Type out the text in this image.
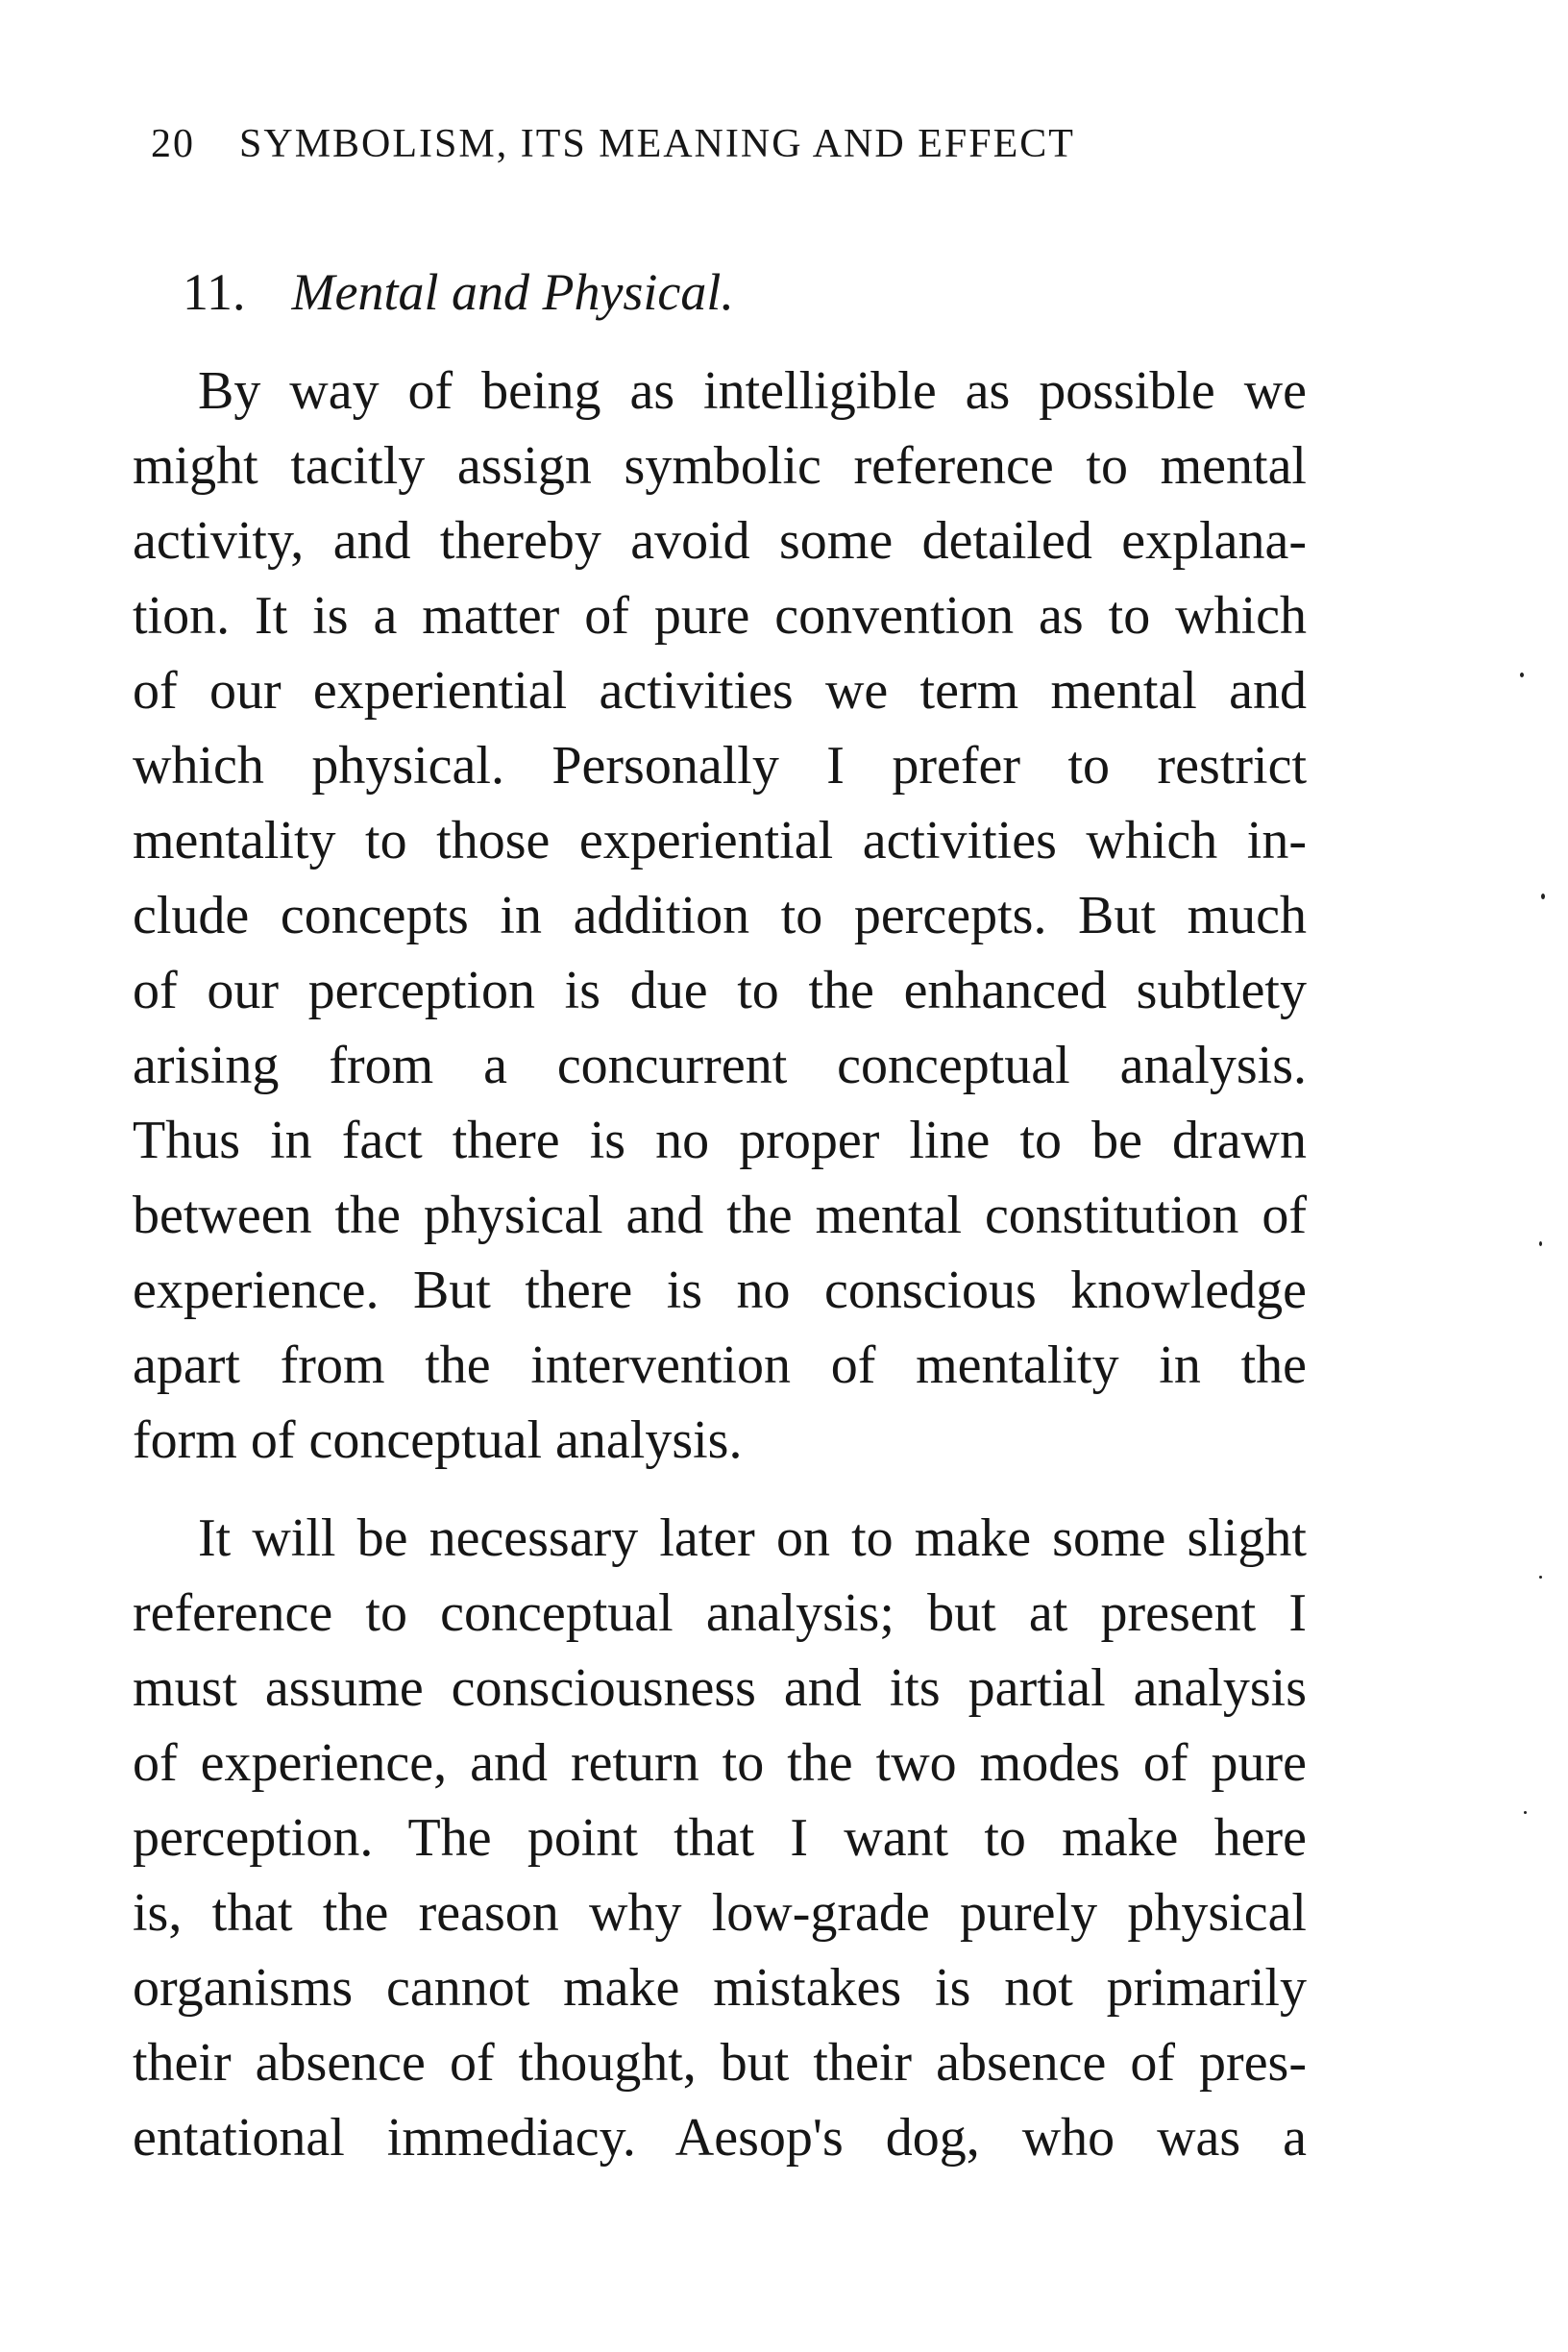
20 SYMBOLISM, ITS MEANING AND EFFECT
11. Mental and Physical.
By way of being as intelligible as possible we
might tacitly assign symbolic reference to mental
activity, and thereby avoid some detailed explana-
tion. It is a matter of pure convention as to which
of our experiential activities we term mental and
which physical. Personally I prefer to restrict
mentality to those experiential activities which in-
clude concepts in addition to percepts. But much
of our perception is due to the enhanced subtlety
arising from a concurrent conceptual analysis.
Thus in fact there is no proper line to be drawn
between the physical and the mental constitution of
experience. But there is no conscious knowledge
apart from the intervention of mentality in the
form of conceptual analysis.
It will be necessary later on to make some slight
reference to conceptual analysis; but at present I
must assume consciousness and its partial analysis
of experience, and return to the two modes of pure
perception. The point that I want to make here
is, that the reason why low-grade purely physical
organisms cannot make mistakes is not primarily
their absence of thought, but their absence of pres-
entational immediacy. Aesop's dog, who was a
